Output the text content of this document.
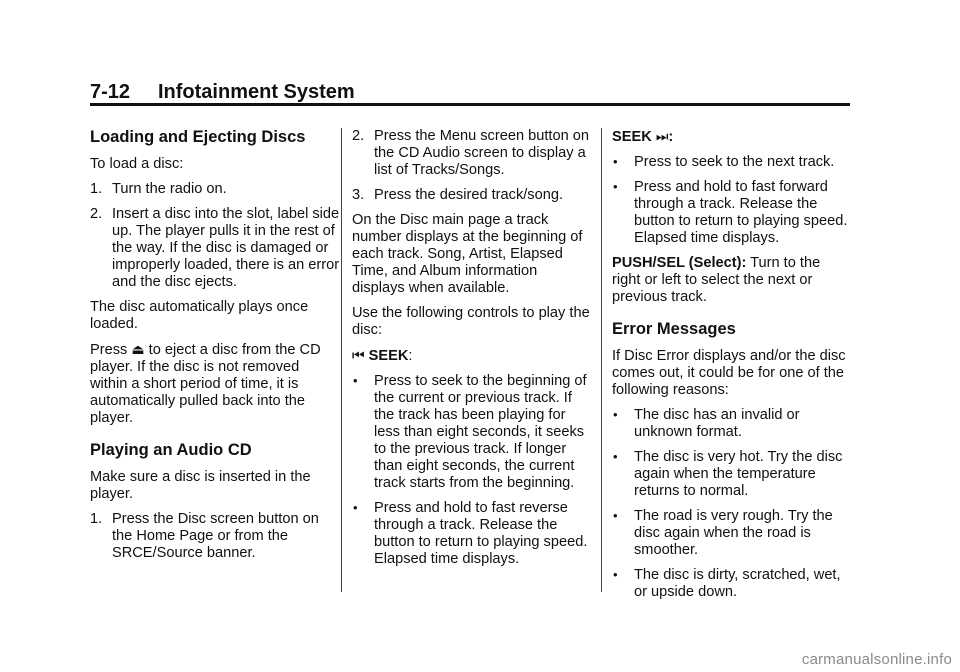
7-12 Infotainment System
Loading and Ejecting Discs

To load a disc:

1. Turn the radio on.
2. Insert a disc into the slot, label side up. The player pulls it in the rest of the way. If the disc is damaged or improperly loaded, there is an error and the disc ejects.

The disc automatically plays once loaded.

Press ⏏ to eject a disc from the CD player. If the disc is not removed within a short period of time, it is automatically pulled back into the player.

Playing an Audio CD

Make sure a disc is inserted in the player.

1. Press the Disc screen button on the Home Page or from the SRCE/Source banner.
2. Press the Menu screen button on the CD Audio screen to display a list of Tracks/Songs.
3. Press the desired track/song.

On the Disc main page a track number displays at the beginning of each track. Song, Artist, Elapsed Time, and Album information displays when available.

Use the following controls to play the disc:

⏮ SEEK:

• Press to seek to the beginning of the current or previous track. If the track has been playing for less than eight seconds, it seeks to the previous track. If longer than eight seconds, the current track starts from the beginning.
• Press and hold to fast reverse through a track. Release the button to return to playing speed. Elapsed time displays.

SEEK ⏭:

• Press to seek to the next track.
• Press and hold to fast forward through a track. Release the button to return to playing speed. Elapsed time displays.

PUSH/SEL (Select): Turn to the right or left to select the next or previous track.

Error Messages

If Disc Error displays and/or the disc comes out, it could be for one of the following reasons:

• The disc has an invalid or unknown format.
• The disc is very hot. Try the disc again when the temperature returns to normal.
• The road is very rough. Try the disc again when the road is smoother.
• The disc is dirty, scratched, wet, or upside down.
carmanualsonline.info
